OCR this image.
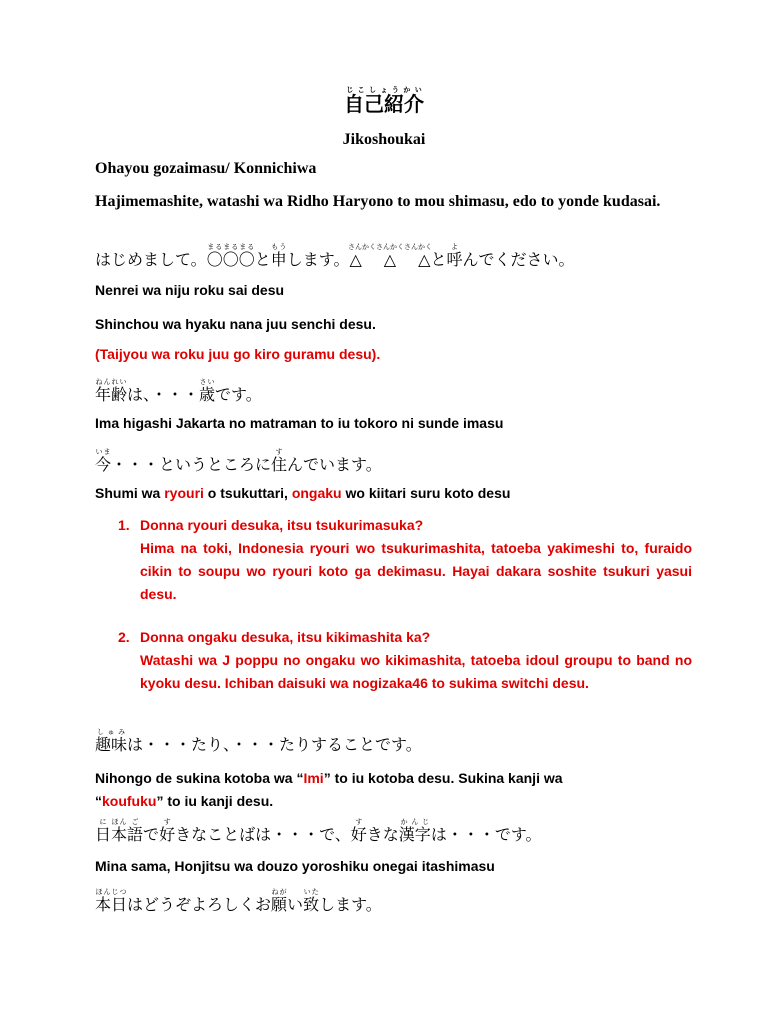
自己紹介じこしょうかい
Jikoshoukai
Ohayou gozaimasu/ Konnichiwa
Hajimemashite, watashi wa Ridho Haryono to mou shimasu, edo to yonde kudasai.
はじめまして。〇〇〇まるまるまると申もうします。△　△　△さんかくさんかくさんかくと呼よんでください。
Nenrei wa niju roku sai desu
Shinchou wa hyaku nana juu senchi desu.
(Taijyou wa roku juu go kiro guramu desu).
年齢ねんれいは、・・・歳さいです。
Ima higashi Jakarta no matraman to iu tokoro ni sunde imasu
今いま・・・というところに住すんでいます。
Shumi wa ryouri o tsukuttari, ongaku wo kiitari suru koto desu
1. Donna ryouri desuka, itsu tsukurimasuka?
Hima na toki, Indonesia ryouri wo tsukurimashita, tatoeba yakimeshi to, furaido cikin to soupu wo ryouri koto ga dekimasu. Hayai dakara soshite tsukuri yasui desu.
2. Donna ongaku desuka, itsu kikimashita ka?
Watashi wa J poppu no ongaku wo kikimashita, tatoeba idoul groupu to band no kyoku desu. Ichiban daisuki wa nogizaka46 to sukima switchi desu.
趣味しゅみは・・・たり、・・・たりすることです。
Nihongo de sukina kotoba wa “Imi” to iu kotoba desu. Sukina kanji wa
“koufuku” to iu kanji desu.
日に本ほん語ごで好すきなことばは・・・で、好すきな漢字かんじは・・・です。
Mina sama, Honjitsu wa douzo yoroshiku onegai itashimasu
本日ほんじつはどうぞよろしくお願ねがい致いたします。
